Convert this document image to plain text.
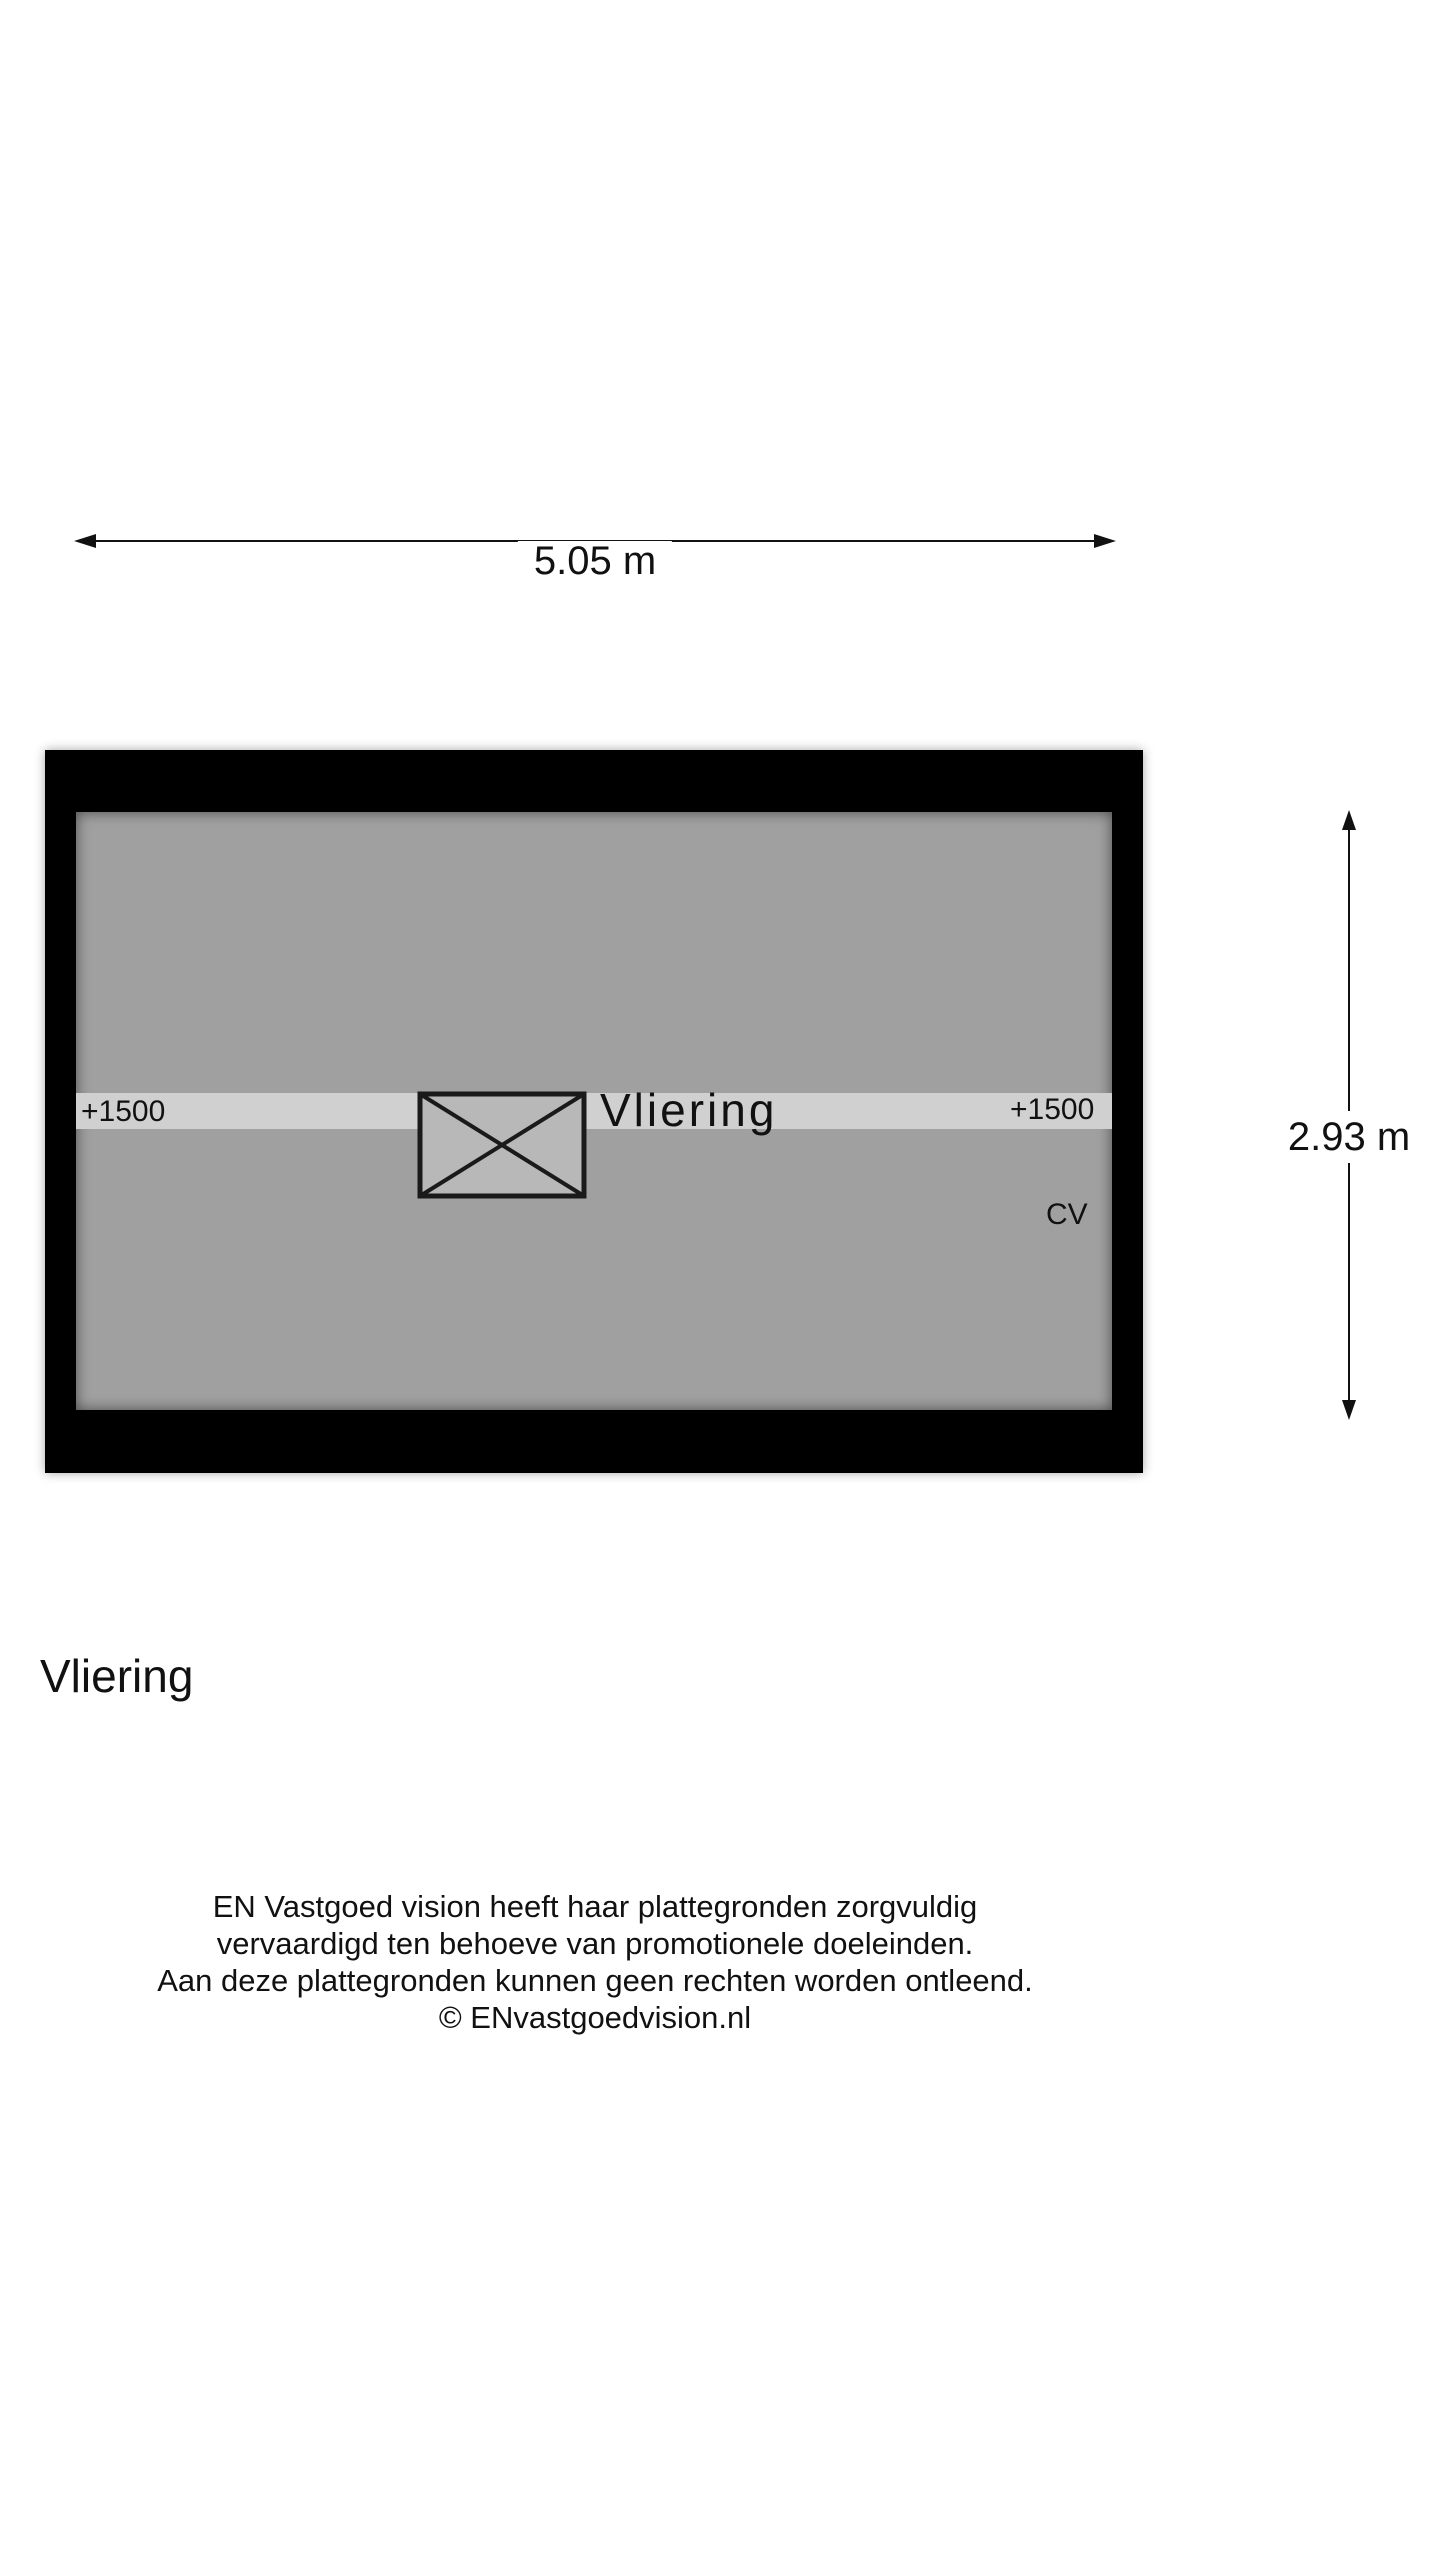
5.05 m
2.93 m
+1500	+1500
Vliering
CV
Vliering
EN Vastgoed vision heeft haar plattegronden zorgvuldig
vervaardigd ten behoeve van promotionele doeleinden.
Aan deze plattegronden kunnen geen rechten worden ontleend.
© ENvastgoedvision.nl
